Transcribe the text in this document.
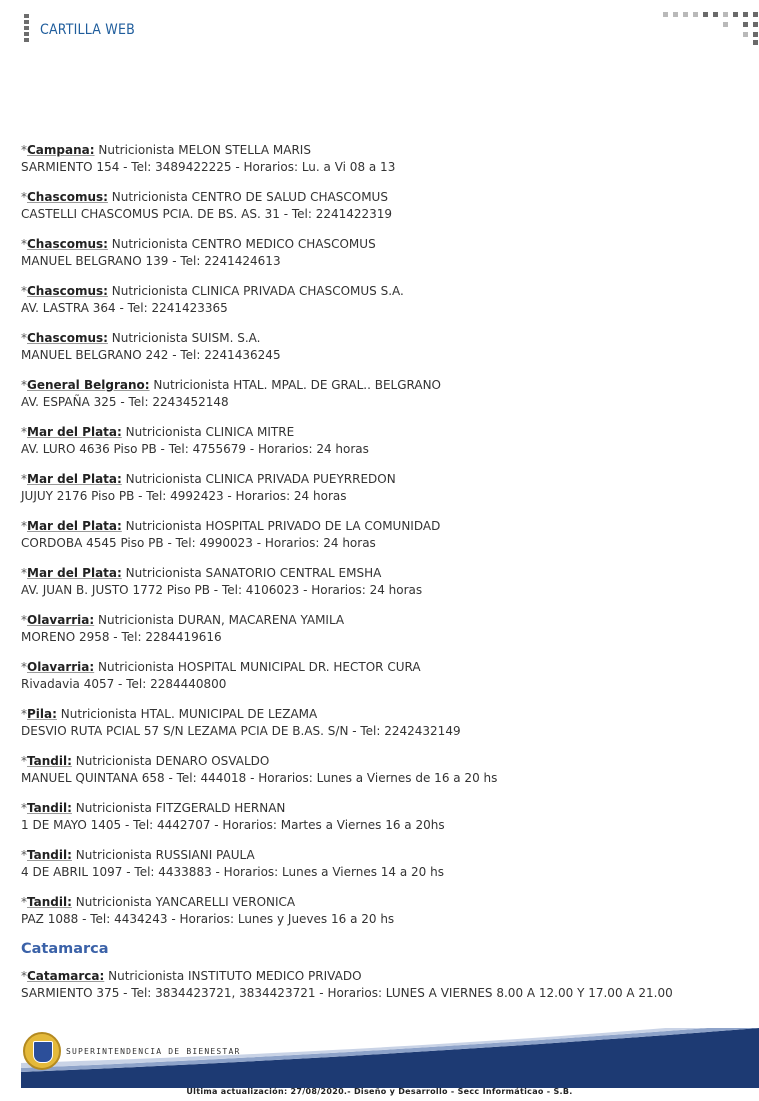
CARTILLA WEB
*Campana: Nutricionista MELON STELLA MARIS
SARMIENTO 154 - Tel: 3489422225 - Horarios: Lu. a Vi 08 a 13
*Chascomus: Nutricionista CENTRO DE SALUD CHASCOMUS
CASTELLI CHASCOMUS PCIA. DE BS. AS. 31 - Tel: 2241422319
*Chascomus: Nutricionista CENTRO MEDICO CHASCOMUS
MANUEL BELGRANO 139 - Tel: 2241424613
*Chascomus: Nutricionista CLINICA PRIVADA CHASCOMUS S.A.
AV. LASTRA 364 - Tel: 2241423365
*Chascomus: Nutricionista SUISM. S.A.
MANUEL BELGRANO 242 - Tel: 2241436245
*General Belgrano: Nutricionista HTAL. MPAL. DE GRAL.. BELGRANO
AV. ESPAÑA 325 - Tel: 2243452148
*Mar del Plata: Nutricionista CLINICA MITRE
AV. LURO 4636 Piso PB - Tel: 4755679 - Horarios: 24 horas
*Mar del Plata: Nutricionista CLINICA PRIVADA PUEYRREDON
JUJUY 2176 Piso PB - Tel: 4992423 - Horarios: 24 horas
*Mar del Plata: Nutricionista HOSPITAL PRIVADO DE LA COMUNIDAD
CORDOBA 4545 Piso PB - Tel: 4990023 - Horarios: 24 horas
*Mar del Plata: Nutricionista SANATORIO CENTRAL EMSHA
AV. JUAN B. JUSTO 1772 Piso PB - Tel: 4106023 - Horarios: 24 horas
*Olavarria: Nutricionista DURAN, MACARENA YAMILA
MORENO 2958 - Tel: 2284419616
*Olavarria: Nutricionista HOSPITAL MUNICIPAL DR. HECTOR CURA
Rivadavia 4057 - Tel: 2284440800
*Pila: Nutricionista HTAL. MUNICIPAL DE LEZAMA
DESVIO RUTA PCIAL 57 S/N LEZAMA PCIA DE B.AS. S/N - Tel: 2242432149
*Tandil: Nutricionista DENARO OSVALDO
MANUEL QUINTANA 658 - Tel: 444018 - Horarios: Lunes a Viernes de 16 a 20 hs
*Tandil: Nutricionista FITZGERALD HERNAN
1 DE MAYO 1405 - Tel: 4442707 - Horarios: Martes a Viernes 16 a 20hs
*Tandil: Nutricionista RUSSIANI PAULA
4 DE ABRIL 1097 - Tel: 4433883 - Horarios: Lunes a Viernes 14 a 20 hs
*Tandil: Nutricionista YANCARELLI VERONICA
PAZ 1088 - Tel: 4434243 - Horarios: Lunes y Jueves 16 a 20 hs
Catamarca
*Catamarca: Nutricionista INSTITUTO MEDICO PRIVADO
SARMIENTO 375 - Tel: 3834423721, 3834423721 - Horarios: LUNES A VIERNES 8.00 A 12.00 Y 17.00 A 21.00
SUPERINTENDENCIA DE BIENESTAR
Ultima actualización: 27/08/2020.- Diseño y Desarrollo - Secc Informáticao - S.B.
